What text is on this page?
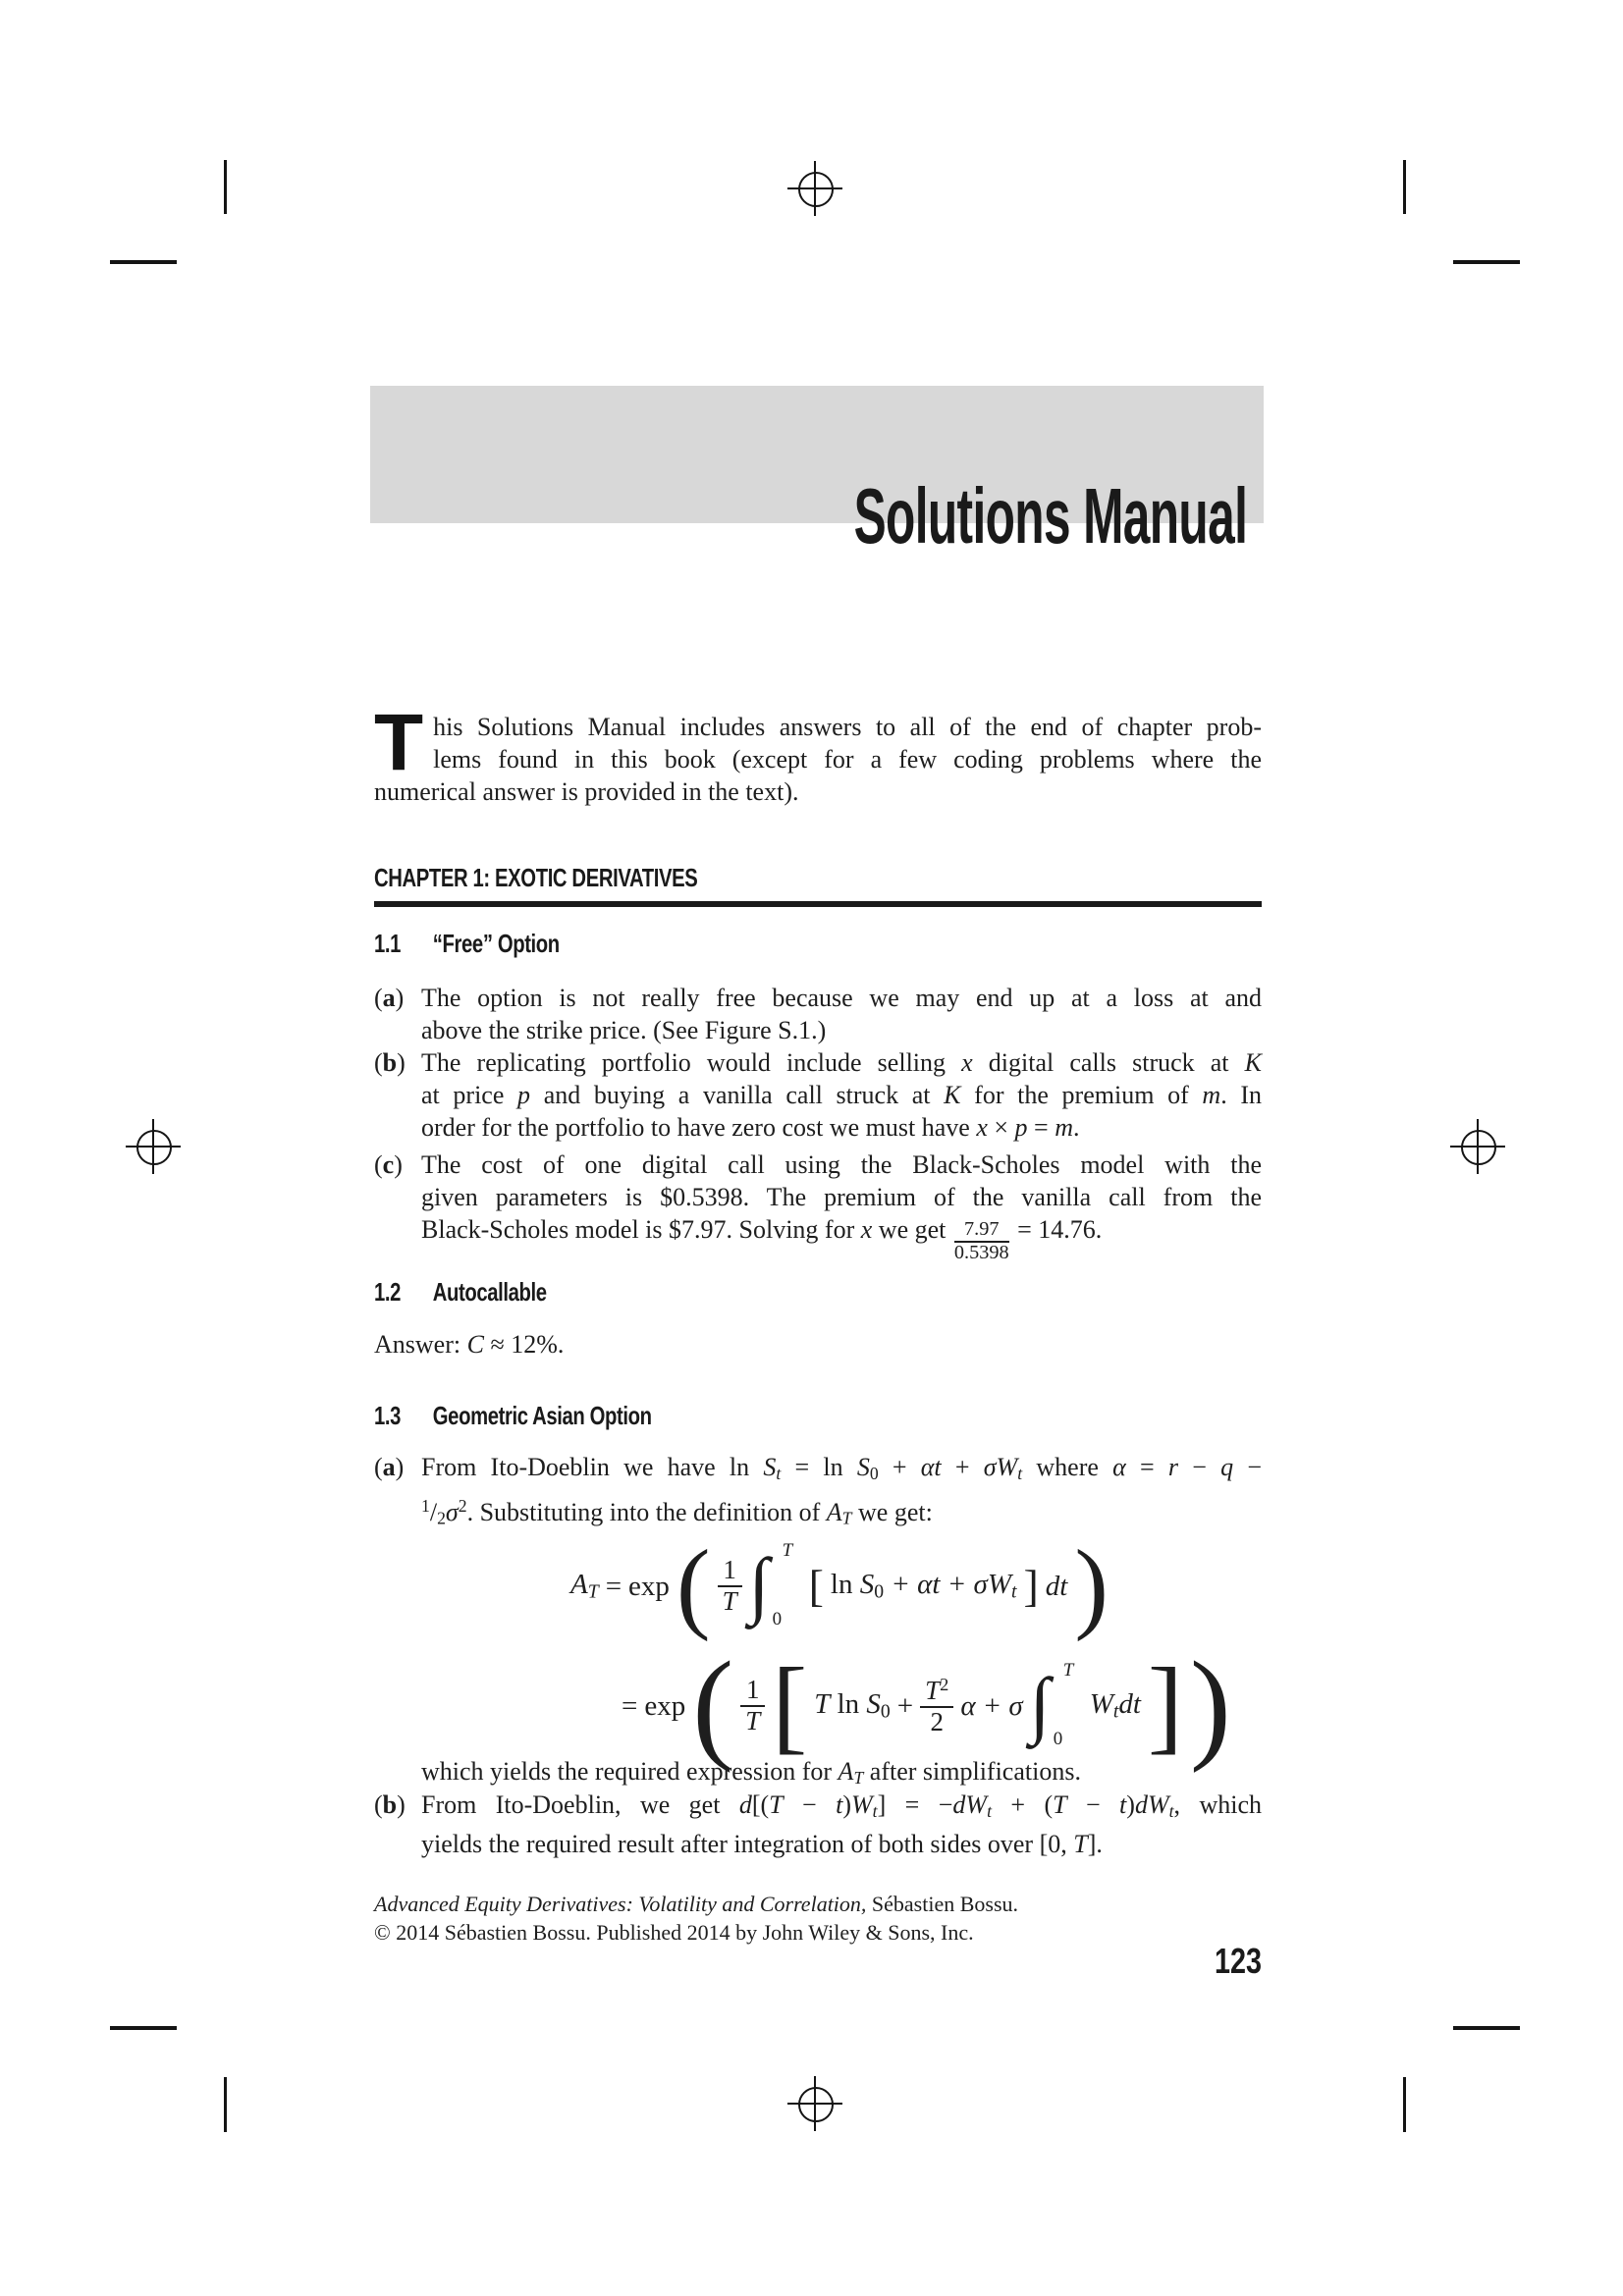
Solutions Manual
T his Solutions Manual includes answers to all of the end of chapter prob-
lems found in this book (except for a few coding problems where the
numerical answer is provided in the text).
CHAPTER 1: EXOTIC DERIVATIVES
1.1 “Free” Option
(a) The option is not really free because we may end up at a loss at and
above the strike price. (See Figure S.1.)
(b) The replicating portfolio would include selling x digital calls struck at K
at price p and buying a vanilla call struck at K for the premium of m. In
order for the portfolio to have zero cost we must have x × p = m.
(c) The cost of one digital call using the Black-Scholes model with the
given parameters is $0.5398. The premium of the vanilla call from the
Black-Scholes model is $7.97. Solving for x we get $\frac{7.97}{0.5398} = 14.76$.
1.2 Autocallable
Answer: C ≈ 12%.
1.3 Geometric Asian Option
(a) From Ito-Doeblin we have ln St = ln S0 + αt + σWt where α = r − q −
$^1/2\sigma^2$. Substituting into the definition of AT we get:
AT = exp ( 1
T ∫ T
0
[ ln S0 + αt + σWt ] dt )
= exp ( 1
T [ T $\ln S0 + \frac{T^2}{2}$ α + σ ∫ T
0
Wtdt ] )
which yields the required expression for AT after simplifications.
(b) From Ito-Doeblin, we get d[(T − t)Wt] = −dWt + (T − t)dWt, which
yields the required result after integration of both sides over [0, T].
Advanced Equity Derivatives: Volatility and Correlation, Sébastien Bossu.
© 2014 Sébastien Bossu. Published 2014 by John Wiley & Sons, Inc.
123
